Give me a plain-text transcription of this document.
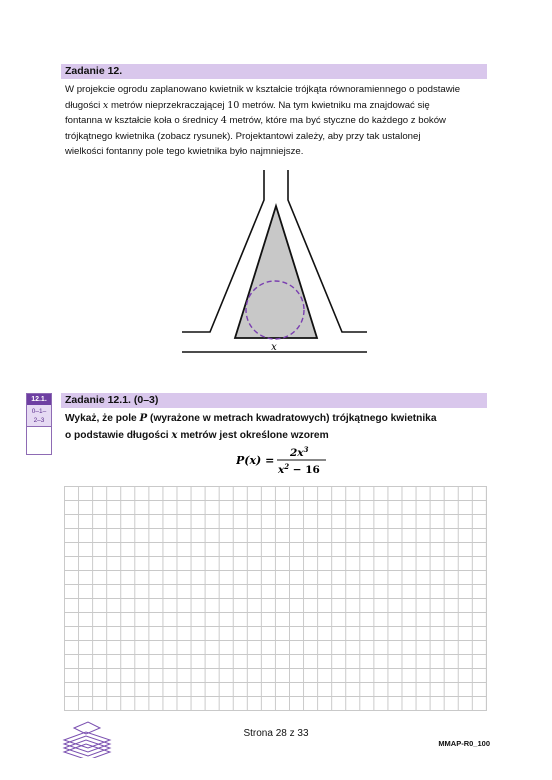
Zadanie 12.

W projekcie ogrodu zaplanowano kwietnik w kształcie trójkąta równoramiennego o podstawie

długości x metrów nieprzekraczającej 10 metrów. Na tym kwietniku ma znajdować się

fontanna w kształcie koła o średnicy 4 metrów, które ma być styczne do każdego z boków

trójkątnego kwietnika (zobacz rysunek). Projektantowi zależy, aby przy tak ustalonej

wielkości fontanny pole tego kwietnika było najmniejsze.

x
12.1.
0–1–
2–3
Zadanie 12.1. (0–3)

Wykaż, że pole P (wyrażone w metrach kwadratowych) trójkątnego kwietnika

o podstawie długości x metrów jest określone wzorem

P(x) =
$2x^3$
$x^2 - 16$
Strona 28 z 33
MMAP-R0_100
